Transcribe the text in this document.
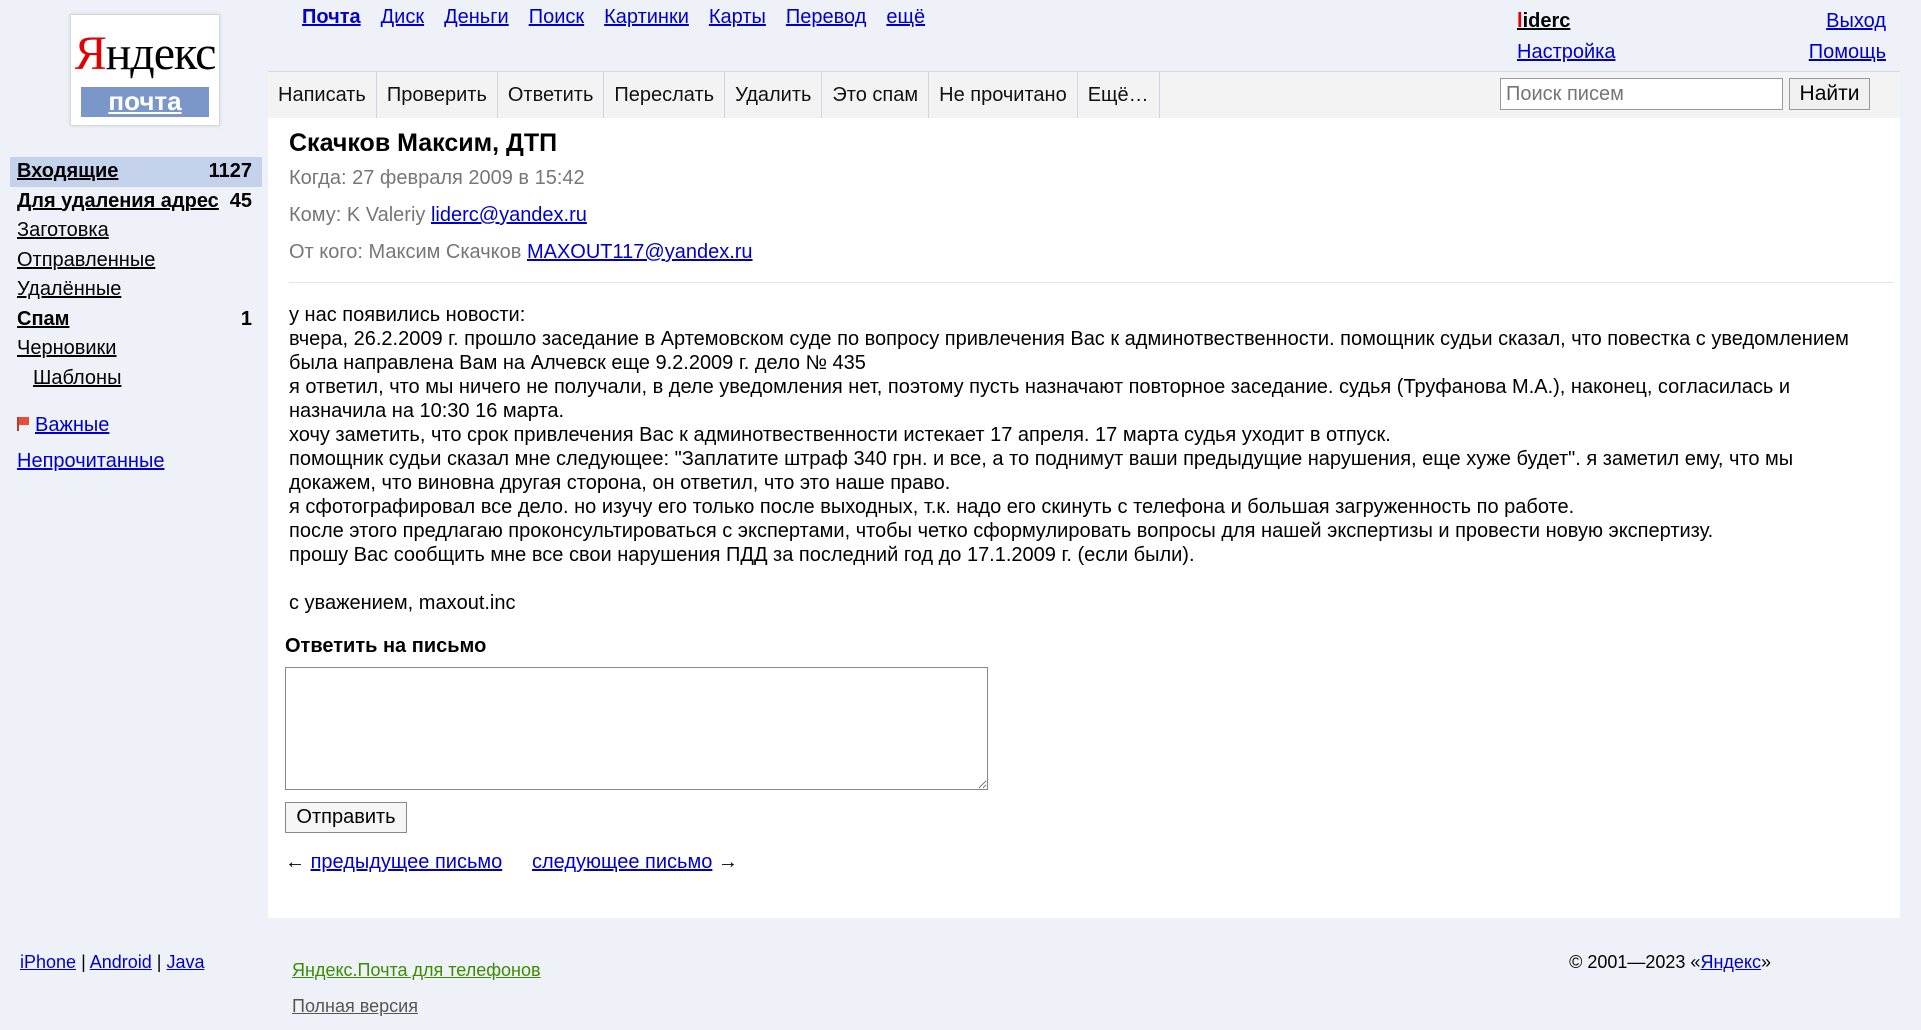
Яндекс
почта
Почта Диск Деньги Поиск Картинки Карты Перевод ещё	liderc
Настройка
Выход
Помощь
Написать	Проверить	Ответить	Переслать	Удалить	Это спам	Не прочитано	Ещё…
Поиск писем	Найти
Входящие	1127
Для удаления адрес 45
Заготовка
Отправленные
Удалённые
Спам	1
Черновики
Шаблоны
Важные
Непрочитанные
Скачков Максим, ДТП
Когда: 27 февраля 2009 в 15:42
Кому: K Valeriy liderc@yandex.ru
От кого: Максим Скачков MAXOUT117@yandex.ru

у нас появились новости:

вчера, 26.2.2009 г. прошло заседание в Артемовском суде по вопросу привлечения Вас к админотвественности. помощник судьи сказал, что повестка с уведомлением была направлена Вам на Алчевск еще 9.2.2009 г. дело № 435

я ответил, что мы ничего не получали, в деле уведомления нет, поэтому пусть назначают повторное заседание. судья (Труфанова М.А.), наконец, согласилась и назначила на 10:30 16 марта.

хочу заметить, что срок привлечения Вас к админотвественности истекает 17 апреля. 17 марта судья уходит в отпуск.

помощник судьи сказал мне следующее: "Заплатите штраф 340 грн. и все, а то поднимут ваши предыдущие нарушения, еще хуже будет". я заметил ему, что мы докажем, что виновна другая сторона, он ответил, что это наше право.

я сфотографировал все дело. но изучу его только после выходных, т.к. надо его скинуть с телефона и большая загруженность по работе.

после этого предлагаю проконсультироваться с экспертами, чтобы четко сформулировать вопросы для нашей экспертизы и провести новую экспертизу.

прошу Вас сообщить мне все свои нарушения ПДД за последний год до 17.1.2009 г. (если были).

с уважением, maxout.inc

Ответить на письмо
Отправить
← предыдущее письмо следующее письмо →
iPhone | Android | Java	Яндекс.Почта для телефонов
Полная версия
© 2001—2023 «Яндекс»
